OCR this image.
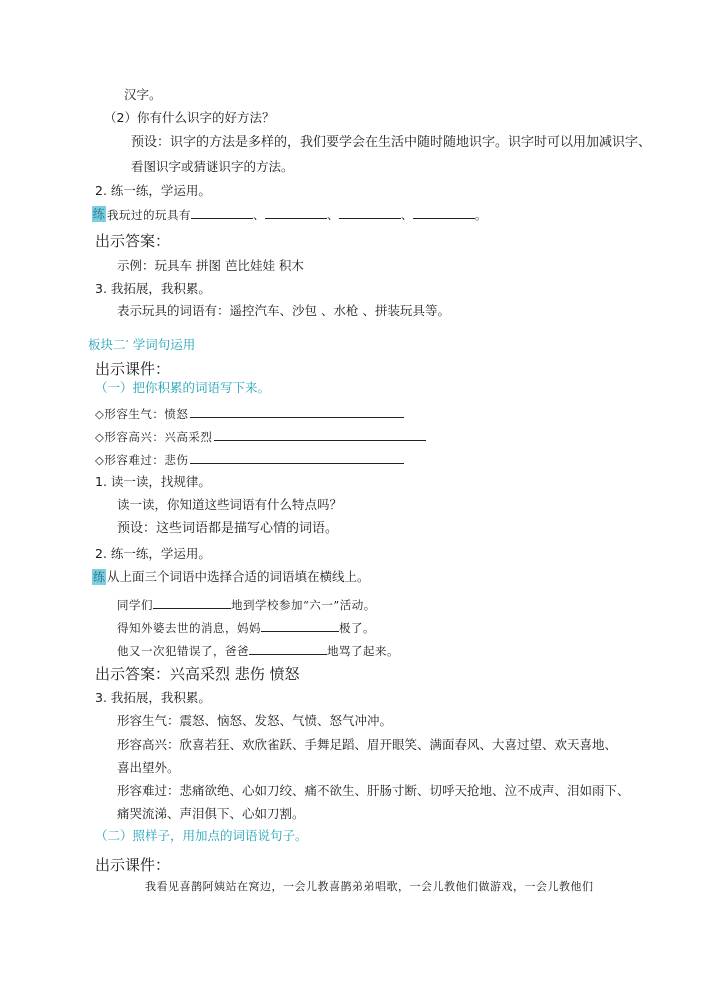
汉字。
（2）你有什么识字的好方法？
预设：识字的方法是多样的，我们要学会在生活中随时随地识字。识字时可以用加减识字、
看图识字或猜谜识字的方法。
2. 练一练，学运用。
练 我玩过的玩具有	、	、	、	。
出示答案：
示例：玩具车 拼图 芭比娃娃 积木
3. 我拓展，我积累。
表示玩具的词语有：遥控汽车、沙包 、水枪 、拼装玩具等。
板块二’ 学词句运用
出示课件：
（一）把你积累的词语写下来。
◇形容生气：愤怒
◇形容高兴：兴高采烈
◇形容难过：悲伤
1. 读一读，找规律。
读一读，你知道这些词语有什么特点吗？
预设：这些词语都是描写心情的词语。
2. 练一练，学运用。
练 从上面三个词语中选择合适的词语填在横线上。
同学们	地到学校参加“六一”活动。
得知外婆去世的消息，妈妈	极了。
他又一次犯错误了，爸爸	地骂了起来。
出示答案：兴高采烈 悲伤 愤怒
3. 我拓展，我积累。
形容生气：震怒、恼怒、发怒、气愤、怒气冲冲。
形容高兴：欣喜若狂、欢欣雀跃、手舞足蹈、眉开眼笑、满面春风、大喜过望、欢天喜地、
喜出望外。
形容难过：悲痛欲绝、心如刀绞、痛不欲生、肝肠寸断、切呼天抢地、泣不成声、泪如雨下、
痛哭流涕、声泪俱下、心如刀割。
（二）照样子，用加点的词语说句子。
出示课件：
我看见喜鹊阿姨站在窝边，一会儿教喜鹊弟弟唱歌，一会儿教他们做游戏，一会儿教他们
